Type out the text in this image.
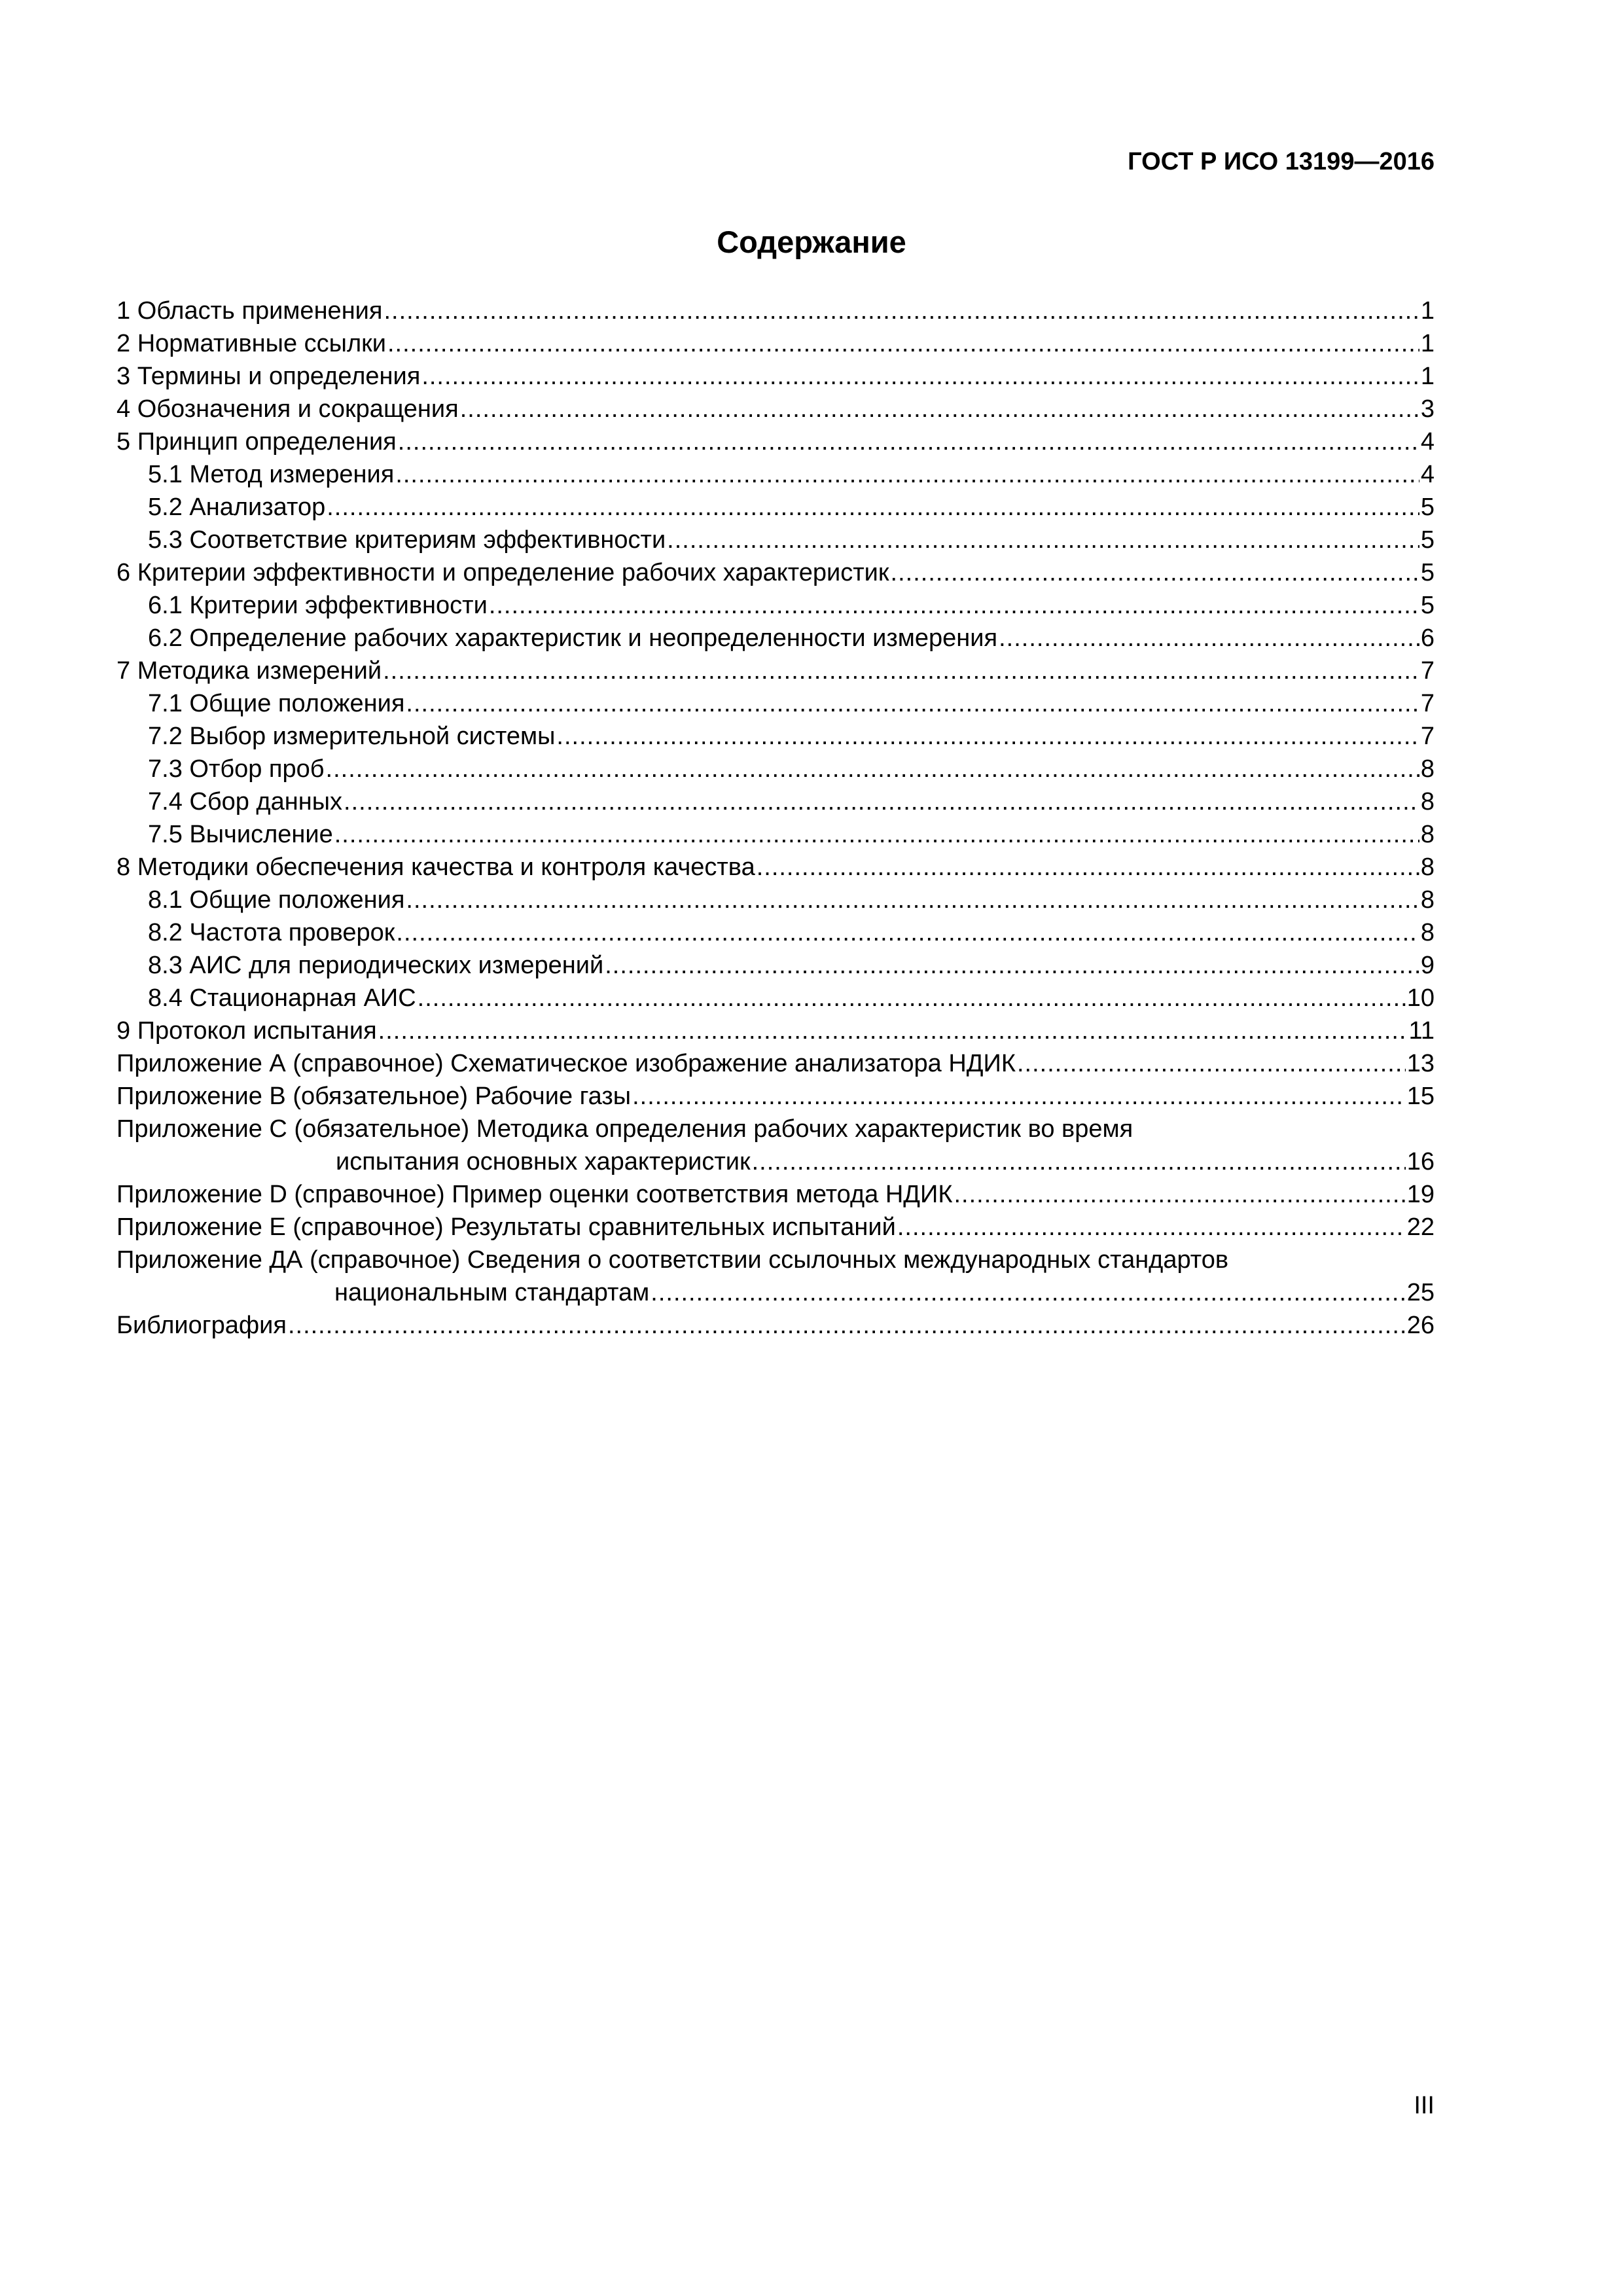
ГОСТ Р ИСО 13199—2016
Содержание
1 Область применения .....	1
2 Нормативные ссылки .....	1
3 Термины и определения .....	1
4 Обозначения и сокращения .....	3
5 Принцип определения .....	4
5.1 Метод измерения .....	4
5.2 Анализатор .....	5
5.3 Соответствие критериям эффективности .....	5
6 Критерии эффективности и определение рабочих характеристик .....	5
6.1 Критерии эффективности .....	5
6.2 Определение рабочих характеристик и неопределенности измерения .....	6
7 Методика измерений .....	7
7.1 Общие положения .....	7
7.2 Выбор измерительной системы .....	7
7.3 Отбор проб .....	8
7.4 Сбор данных .....	8
7.5 Вычисление .....	8
8 Методики обеспечения качества и контроля качества .....	8
8.1 Общие положения .....	8
8.2 Частота проверок .....	8
8.3 АИС для периодических измерений .....	9
8.4 Стационарная АИС .....	10
9 Протокол испытания .....	11
Приложение А (справочное) Схематическое изображение анализатора НДИК .....	13
Приложение В (обязательное) Рабочие газы .....	15
Приложение С (обязательное) Методика определения рабочих характеристик во время
испытания основных характеристик .....	16
Приложение D (справочное) Пример оценки соответствия метода НДИК .....	19
Приложение E (справочное) Результаты сравнительных испытаний .....	22
Приложение ДА (справочное) Сведения о соответствии ссылочных международных стандартов
национальным стандартам .....	25
Библиография .....	26
III
